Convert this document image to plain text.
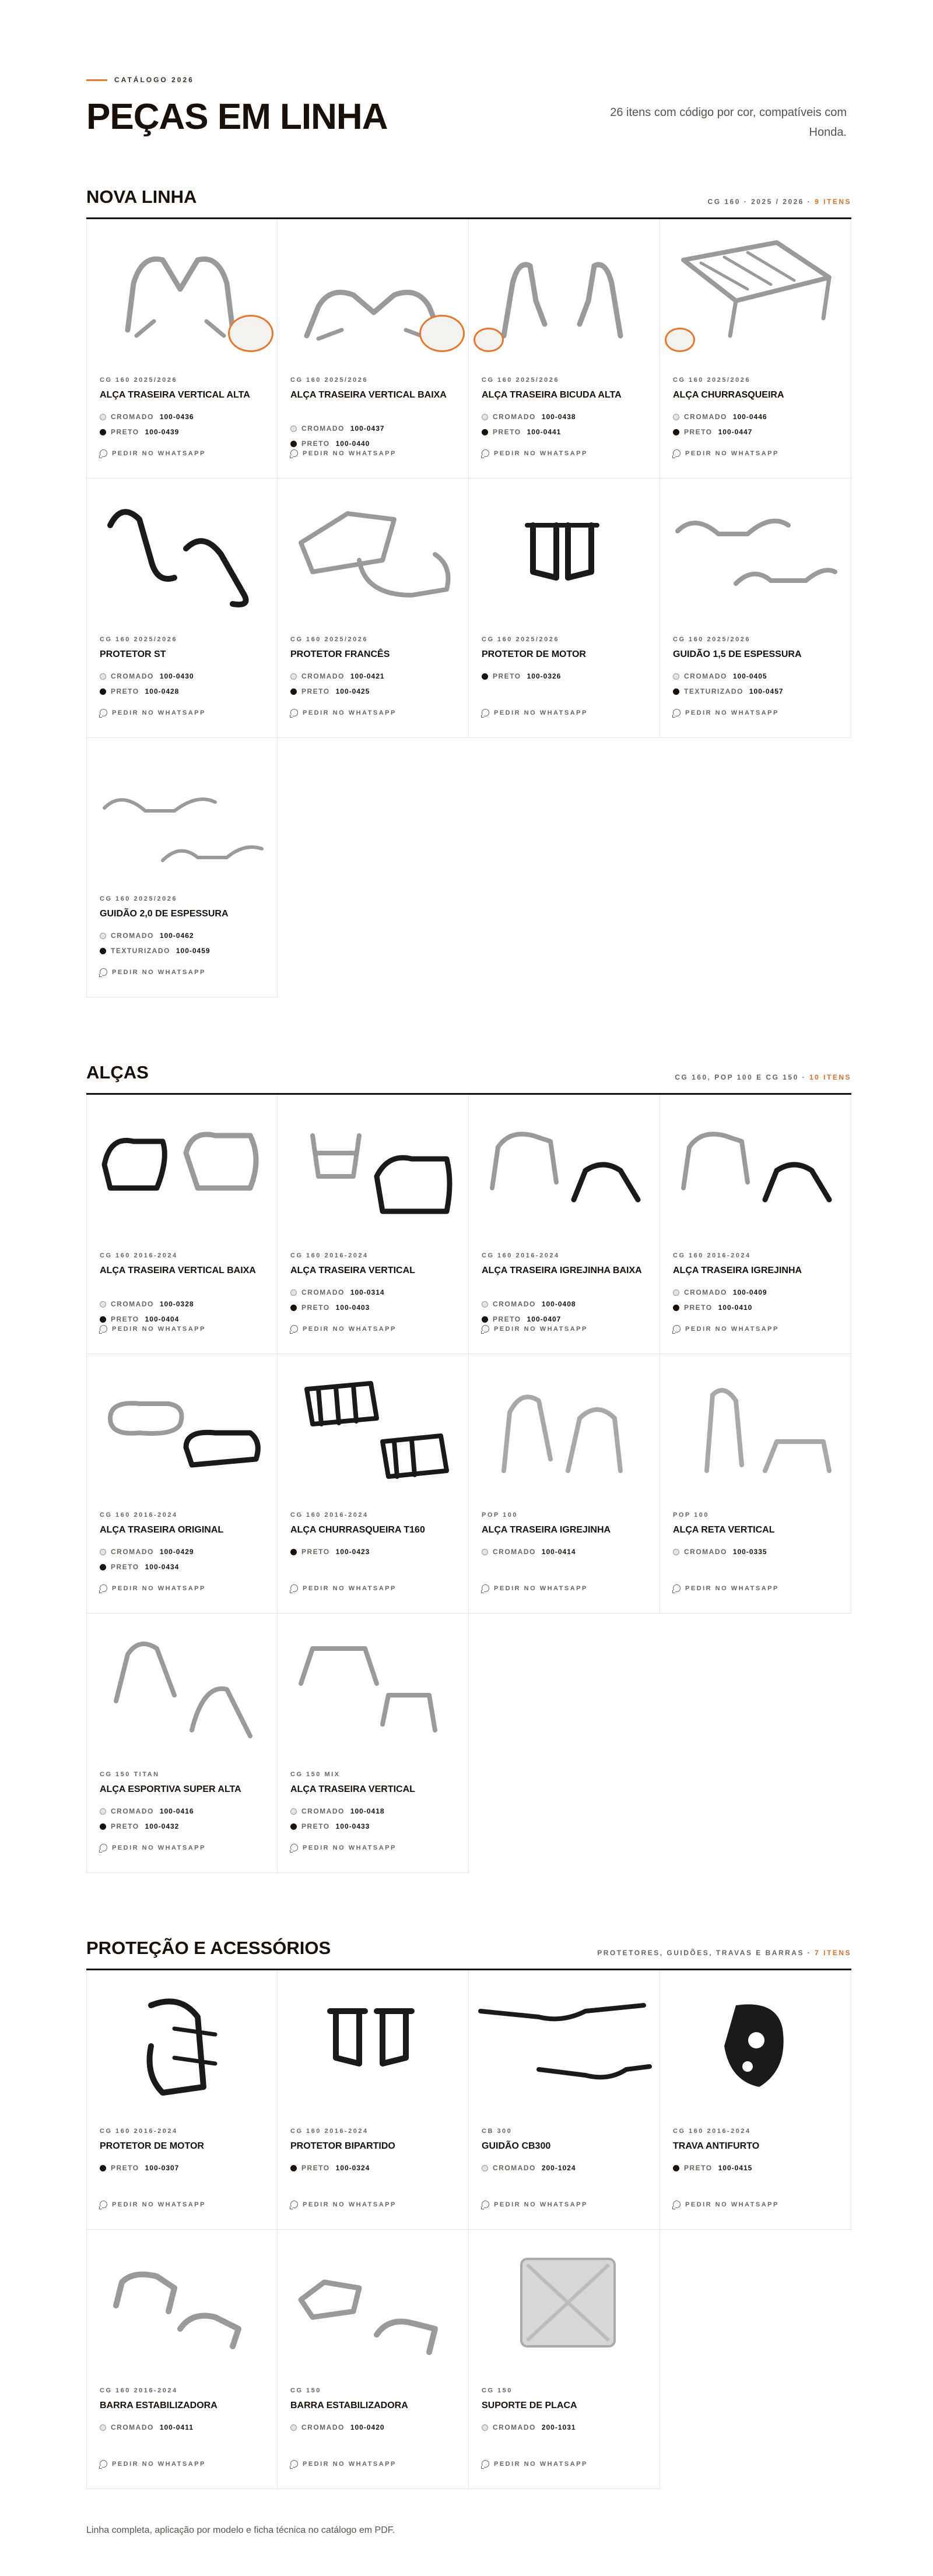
CATÁLOGO 2026
PEÇAS EM LINHA	26 itens com código por cor, compatíveis com Honda.

NOVA LINHA	CG 160 · 2025 / 2026 · 9 ITENS
CG 160 2025/2026
ALÇA TRASEIRA VERTICAL ALTA
CROMADO 100-0436
PRETO 100-0439
PEDIR NO WHATSAPP
CG 160 2025/2026
ALÇA TRASEIRA VERTICAL BAIXA
CROMADO 100-0437
PRETO 100-0440
PEDIR NO WHATSAPP
CG 160 2025/2026
ALÇA TRASEIRA BICUDA ALTA
CROMADO 100-0438
PRETO 100-0441
PEDIR NO WHATSAPP
CG 160 2025/2026
ALÇA CHURRASQUEIRA
CROMADO 100-0446
PRETO 100-0447
PEDIR NO WHATSAPP
CG 160 2025/2026
PROTETOR ST
CROMADO 100-0430
PRETO 100-0428
PEDIR NO WHATSAPP
CG 160 2025/2026
PROTETOR FRANCÊS
CROMADO 100-0421
PRETO 100-0425
PEDIR NO WHATSAPP
CG 160 2025/2026
PROTETOR DE MOTOR
PRETO 100-0326
PEDIR NO WHATSAPP
CG 160 2025/2026
GUIDÃO 1,5 DE ESPESSURA
CROMADO 100-0405
TEXTURIZADO 100-0457
PEDIR NO WHATSAPP
CG 160 2025/2026
GUIDÃO 2,0 DE ESPESSURA
CROMADO 100-0462
TEXTURIZADO 100-0459
PEDIR NO WHATSAPP
ALÇAS	CG 160, POP 100 E CG 150 · 10 ITENS
CG 160 2016-2024
ALÇA TRASEIRA VERTICAL BAIXA
CROMADO 100-0328
PRETO 100-0404
PEDIR NO WHATSAPP
CG 160 2016-2024
ALÇA TRASEIRA VERTICAL
CROMADO 100-0314
PRETO 100-0403
PEDIR NO WHATSAPP
CG 160 2016-2024
ALÇA TRASEIRA IGREJINHA BAIXA
CROMADO 100-0408
PRETO 100-0407
PEDIR NO WHATSAPP
CG 160 2016-2024
ALÇA TRASEIRA IGREJINHA
CROMADO 100-0409
PRETO 100-0410
PEDIR NO WHATSAPP
CG 160 2016-2024
ALÇA TRASEIRA ORIGINAL
CROMADO 100-0429
PRETO 100-0434
PEDIR NO WHATSAPP
CG 160 2016-2024
ALÇA CHURRASQUEIRA T160
PRETO 100-0423
PEDIR NO WHATSAPP
POP 100
ALÇA TRASEIRA IGREJINHA
CROMADO 100-0414
PEDIR NO WHATSAPP
POP 100
ALÇA RETA VERTICAL
CROMADO 100-0335
PEDIR NO WHATSAPP
CG 150 TITAN
ALÇA ESPORTIVA SUPER ALTA
CROMADO 100-0416
PRETO 100-0432
PEDIR NO WHATSAPP
CG 150 MIX
ALÇA TRASEIRA VERTICAL
CROMADO 100-0418
PRETO 100-0433
PEDIR NO WHATSAPP
PROTEÇÃO E ACESSÓRIOS	PROTETORES, GUIDÕES, TRAVAS E BARRAS · 7 ITENS
CG 160 2016-2024
PROTETOR DE MOTOR
PRETO 100-0307
PEDIR NO WHATSAPP
CG 160 2016-2024
PROTETOR BIPARTIDO
PRETO 100-0324
PEDIR NO WHATSAPP
CB 300
GUIDÃO CB300
CROMADO 200-1024
PEDIR NO WHATSAPP
CG 160 2016-2024
TRAVA ANTIFURTO
PRETO 100-0415
PEDIR NO WHATSAPP
CG 160 2016-2024
BARRA ESTABILIZADORA
CROMADO 100-0411
PEDIR NO WHATSAPP
CG 150
BARRA ESTABILIZADORA
CROMADO 100-0420
PEDIR NO WHATSAPP
CG 150
SUPORTE DE PLACA
CROMADO 200-1031
PEDIR NO WHATSAPP

Linha completa, aplicação por modelo e ficha técnica no catálogo em PDF.
